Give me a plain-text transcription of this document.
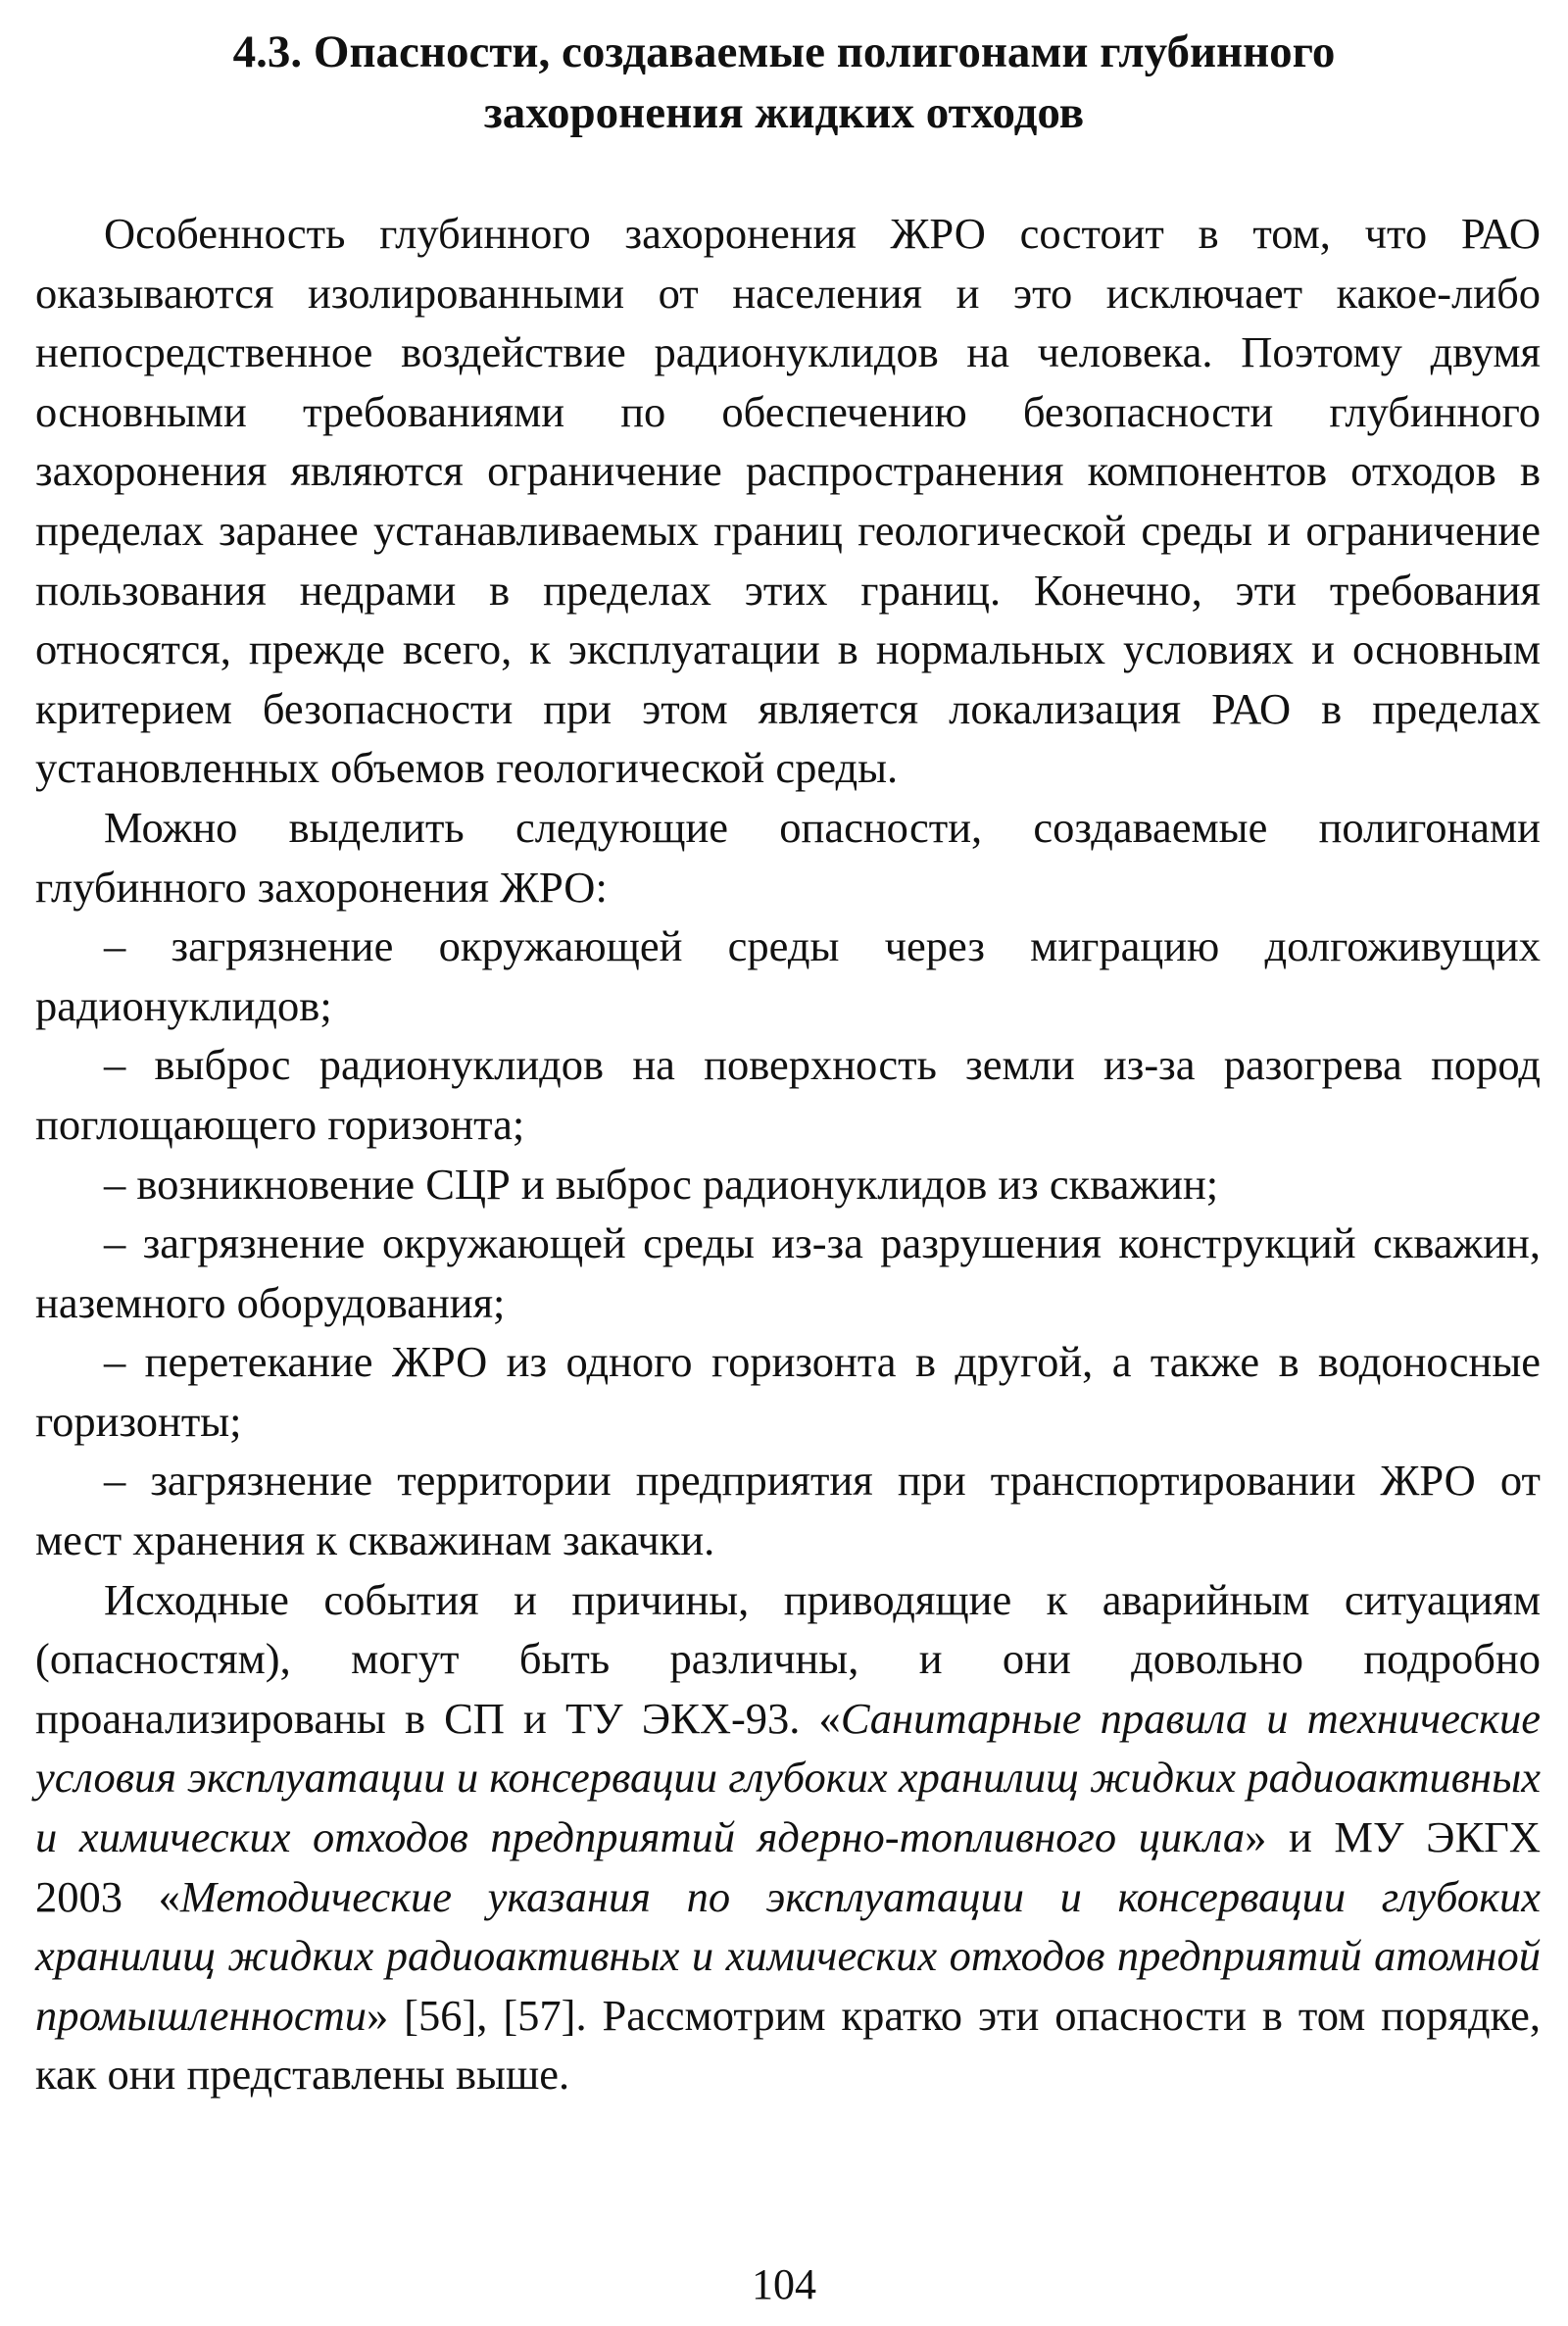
4.3. Опасности, создаваемые полигонами глубинного
захоронения жидких отходов

Особенность глубинного захоронения ЖРО состоит в том, что РАО оказываются изолированными от населения и это исключает какое-либо непосредственное воздействие радионуклидов на человека. Поэтому двумя основными требованиями по обеспечению безопасности глубинного захоронения являются ограничение распространения компонентов отходов в пределах заранее устанавливаемых границ геологической среды и ограничение пользования недрами в пределах этих границ. Конечно, эти требования относятся, прежде всего, к эксплуатации в нормальных условиях и основным критерием безопасности при этом является локализация РАО в пределах установленных объемов геологической среды.

Можно выделить следующие опасности, создаваемые полигонами глубинного захоронения ЖРО:

– загрязнение окружающей среды через миграцию долгоживущих радионуклидов;

– выброс радионуклидов на поверхность земли из-за разогрева пород поглощающего горизонта;

– возникновение СЦР и выброс радионуклидов из скважин;

– загрязнение окружающей среды из-за разрушения конструкций скважин, наземного оборудования;

– перетекание ЖРО из одного горизонта в другой, а также в водоносные горизонты;

– загрязнение территории предприятия при транспортировании ЖРО от мест хранения к скважинам закачки.

Исходные события и причины, приводящие к аварийным ситуациям (опасностям), могут быть различны, и они довольно подробно проанализированы в СП и ТУ ЭКХ-93. «Санитарные правила и технические условия эксплуатации и консервации глубоких хранилищ жидких радиоактивных и химических отходов предприятий ядерно-топливного цикла» и МУ ЭКГХ 2003 «Методические указания по эксплуатации и консервации глубоких хранилищ жидких радиоактивных и химических отходов предприятий атомной промышленности» [56], [57]. Рассмотрим кратко эти опасности в том порядке, как они представлены выше.

104
